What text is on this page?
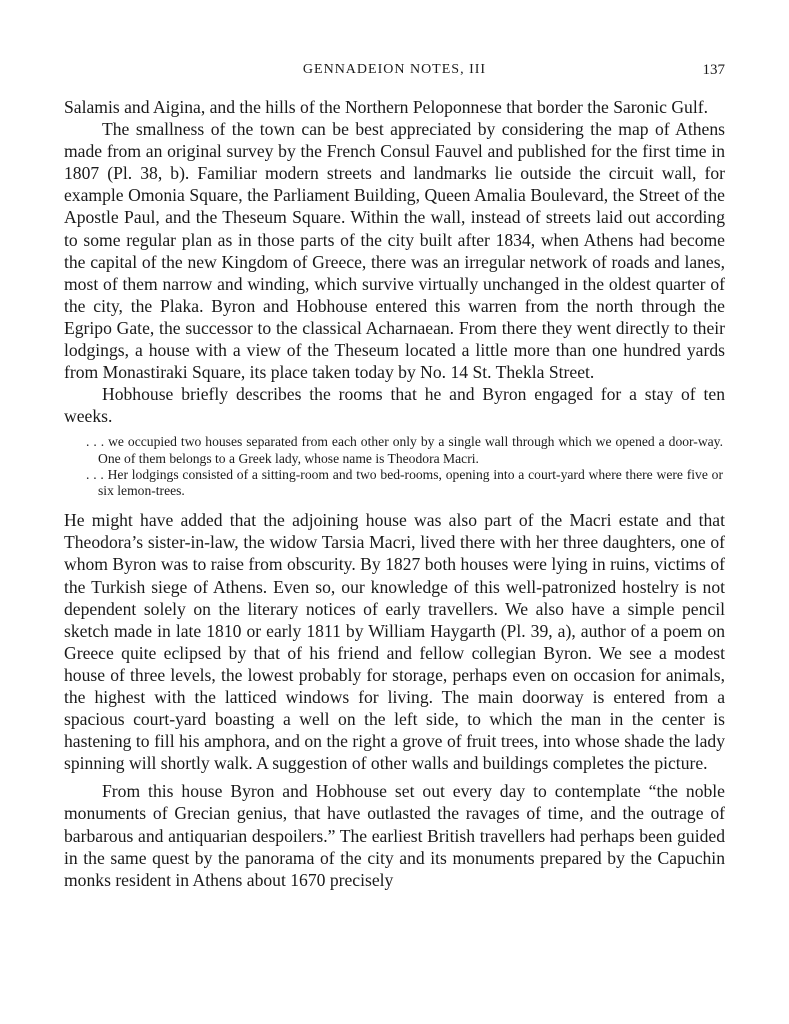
GENNADEION NOTES, III	137

Salamis and Aigina, and the hills of the Northern Peloponnese that border the Saronic Gulf.

The smallness of the town can be best appreciated by considering the map of Athens made from an original survey by the French Consul Fauvel and published for the first time in 1807 (Pl. 38, b). Familiar modern streets and landmarks lie outside the circuit wall, for example Omonia Square, the Parliament Building, Queen Amalia Boulevard, the Street of the Apostle Paul, and the Theseum Square. Within the wall, instead of streets laid out according to some regular plan as in those parts of the city built after 1834, when Athens had become the capital of the new Kingdom of Greece, there was an irregular network of roads and lanes, most of them narrow and winding, which survive virtually unchanged in the oldest quarter of the city, the Plaka. Byron and Hobhouse entered this warren from the north through the Egripo Gate, the successor to the classical Acharnaean. From there they went directly to their lodgings, a house with a view of the Theseum located a little more than one hundred yards from Monastiraki Square, its place taken today by No. 14 St. Thekla Street.

Hobhouse briefly describes the rooms that he and Byron engaged for a stay of ten weeks.

. . . we occupied two houses separated from each other only by a single wall through which we opened a door-way. One of them belongs to a Greek lady, whose name is Theodora Macri.

. . . Her lodgings consisted of a sitting-room and two bed-rooms, opening into a court-yard where there were five or six lemon-trees.

He might have added that the adjoining house was also part of the Macri estate and that Theodora’s sister-in-law, the widow Tarsia Macri, lived there with her three daughters, one of whom Byron was to raise from obscurity. By 1827 both houses were lying in ruins, victims of the Turkish siege of Athens. Even so, our knowledge of this well-patronized hostelry is not dependent solely on the literary notices of early travellers. We also have a simple pencil sketch made in late 1810 or early 1811 by William Haygarth (Pl. 39, a), author of a poem on Greece quite eclipsed by that of his friend and fellow collegian Byron. We see a modest house of three levels, the lowest probably for storage, perhaps even on occasion for animals, the highest with the latticed windows for living. The main doorway is entered from a spacious court-yard boasting a well on the left side, to which the man in the center is hastening to fill his amphora, and on the right a grove of fruit trees, into whose shade the lady spinning will shortly walk. A suggestion of other walls and buildings completes the picture.

From this house Byron and Hobhouse set out every day to contemplate “the noble monuments of Grecian genius, that have outlasted the ravages of time, and the outrage of barbarous and antiquarian despoilers.” The earliest British travellers had perhaps been guided in the same quest by the panorama of the city and its monuments prepared by the Capuchin monks resident in Athens about 1670 precisely
